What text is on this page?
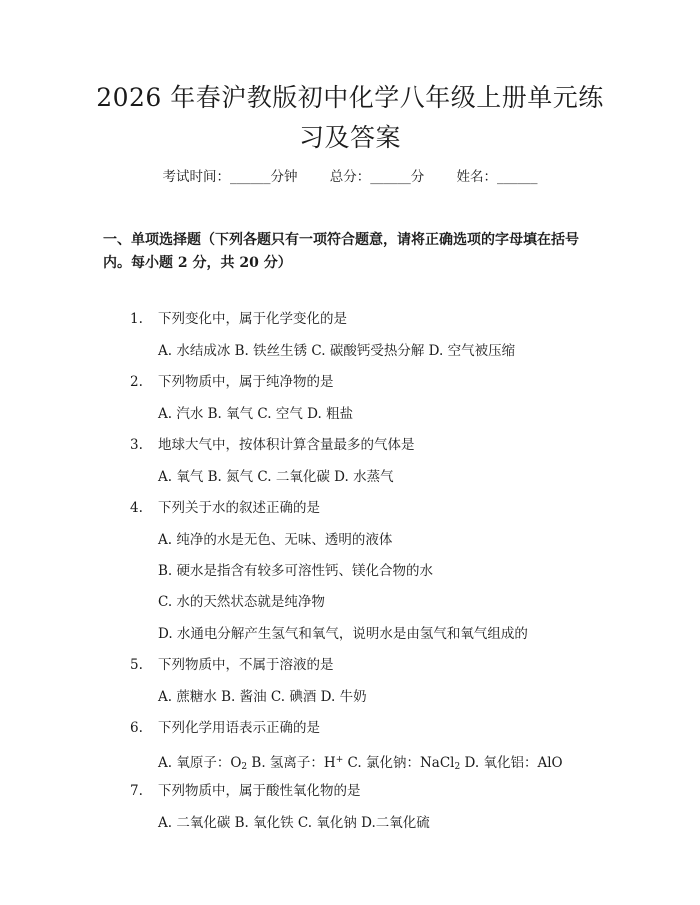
2026 年春沪教版初中化学八年级上册单元练
习及答案
考试时间：______分钟 总分：______分 姓名：______
一、单项选择题（下列各题只有一项符合题意，请将正确选项的字母填在括号
内。每小题 2 分，共 20 分）
1. 下列变化中，属于化学变化的是
A. 水结成冰 B. 铁丝生锈 C. 碳酸钙受热分解 D. 空气被压缩
2. 下列物质中，属于纯净物的是
A. 汽水 B. 氧气 C. 空气 D. 粗盐
3. 地球大气中，按体积计算含量最多的气体是
A. 氧气 B. 氮气 C. 二氧化碳 D. 水蒸气
4. 下列关于水的叙述正确的是
A. 纯净的水是无色、无味、透明的液体
B. 硬水是指含有较多可溶性钙、镁化合物的水
C. 水的天然状态就是纯净物
D. 水通电分解产生氢气和氧气，说明水是由氢气和氧气组成的
5. 下列物质中，不属于溶液的是
A. 蔗糖水 B. 酱油 C. 碘酒 D. 牛奶
6. 下列化学用语表示正确的是
A. 氧原子：$O_2$ B. 氢离子：H+ C. 氯化钠：NaCl$_2$ D. 氧化铝：AlO
7. 下列物质中，属于酸性氧化物的是
A. 二氧化碳 B. 氧化铁 C. 氧化钠 D.二氧化硫
